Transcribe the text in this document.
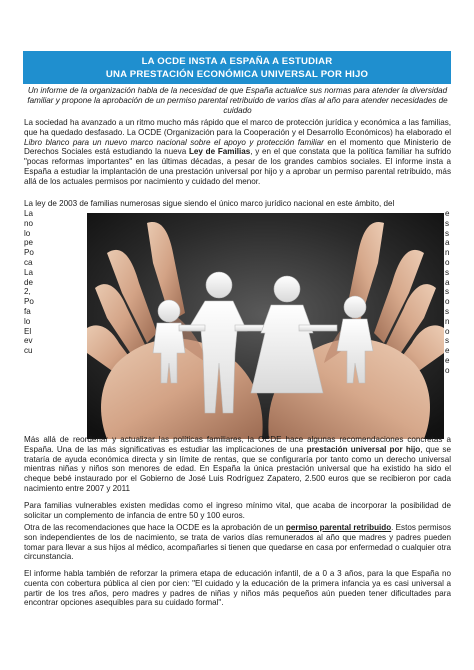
LA OCDE INSTA A ESPAÑA A ESTUDIAR
UNA PRESTACIÓN ECONÓMICA UNIVERSAL POR HIJO
Un informe de la organización habla de la necesidad de que España actualice sus normas para atender la diversidad familiar y propone la aprobación de un permiso parental retribuido de varios días al año para atender necesidades de cuidado
La sociedad ha avanzado a un ritmo mucho más rápido que el marco de protección jurídica y económica a las familias, que ha quedado desfasado. La OCDE (Organización para la Cooperación y el Desarrollo Económicos) ha elaborado el Libro blanco para un nuevo marco nacional sobre el apoyo y protección familiar en el momento que Ministerio de Derechos Sociales está estudiando la nueva Ley de Familias, y en el que constata que la política familiar ha sufrido "pocas reformas importantes" en las últimas décadas, a pesar de los grandes cambios sociales. El informe insta a España a estudiar la implantación de una prestación universal por hijo y a aprobar un permiso parental retribuido, más allá de los actuales permisos por nacimiento y cuidado del menor.
La ley de 2003 de familias numerosas sigue siendo el único marco jurídico nacional en este ámbito, del
La
no
lo
pe
Po
ca
La
de
2,
Po
fa
lo
El
ev
cu
e
s
s
a
n
o
s
a
s
o
s
n
o
s
e
e
o
Más allá de reordenar y actualizar las políticas familiares, la OCDE hace algunas recomendaciones concretas a España. Una de las más significativas es estudiar las implicaciones de una prestación universal por hijo, que se trataría de ayuda económica directa y sin límite de rentas, que se configuraría por tanto como un derecho universal mientras niñas y niños son menores de edad. En España la única prestación universal que ha existido ha sido el cheque bebé instaurado por el Gobierno de José Luis Rodríguez Zapatero, 2.500 euros que se recibieron por cada nacimiento entre 2007 y 2011
Para familias vulnerables existen medidas como el ingreso mínimo vital, que acaba de incorporar la posibilidad de solicitar un complemento de infancia de entre 50 y 100 euros.
Otra de las recomendaciones que hace la OCDE es la aprobación de un permiso parental retribuido. Estos permisos son independientes de los de nacimiento, se trata de varios días remunerados al año que madres y padres pueden tomar para llevar a sus hijos al médico, acompañarles si tienen que quedarse en casa por enfermedad o cualquier otra circunstancia.
El informe habla también de reforzar la primera etapa de educación infantil, de a 0 a 3 años, para la que España no cuenta con cobertura pública al cien por cien: "El cuidado y la educación de la primera infancia ya es casi universal a partir de los tres años, pero madres y padres de niñas y niños más pequeños aún pueden tener dificultades para encontrar opciones asequibles para su cuidado formal".
